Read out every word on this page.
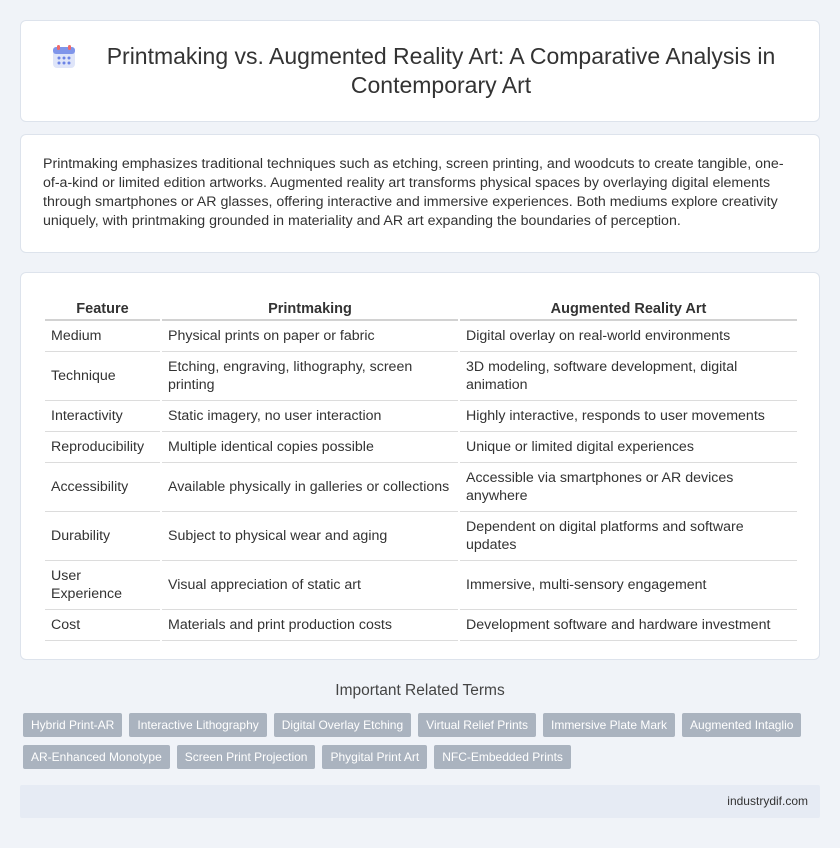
Printmaking vs. Augmented Reality Art: A Comparative Analysis in Contemporary Art

Printmaking emphasizes traditional techniques such as etching, screen printing, and woodcuts to create tangible, one-of-a-kind or limited edition artworks. Augmented reality art transforms physical spaces by overlaying digital elements through smartphones or AR glasses, offering interactive and immersive experiences. Both mediums explore creativity uniquely, with printmaking grounded in materiality and AR art expanding the boundaries of perception.

Feature	Printmaking	Augmented Reality Art
Medium	Physical prints on paper or fabric	Digital overlay on real-world environments
Technique	Etching, engraving, lithography, screen printing	3D modeling, software development, digital animation
Interactivity	Static imagery, no user interaction	Highly interactive, responds to user movements
Reproducibility	Multiple identical copies possible	Unique or limited digital experiences
Accessibility	Available physically in galleries or collections	Accessible via smartphones or AR devices anywhere
Durability	Subject to physical wear and aging	Dependent on digital platforms and software updates
User Experience	Visual appreciation of static art	Immersive, multi-sensory engagement
Cost	Materials and print production costs	Development software and hardware investment
Important Related Terms
Hybrid Print-AR	Interactive Lithography	Digital Overlay Etching	Virtual Relief Prints	Immersive Plate Mark	Augmented Intaglio
AR-Enhanced Monotype	Screen Print Projection	Phygital Print Art	NFC-Embedded Prints
industrydif.com
